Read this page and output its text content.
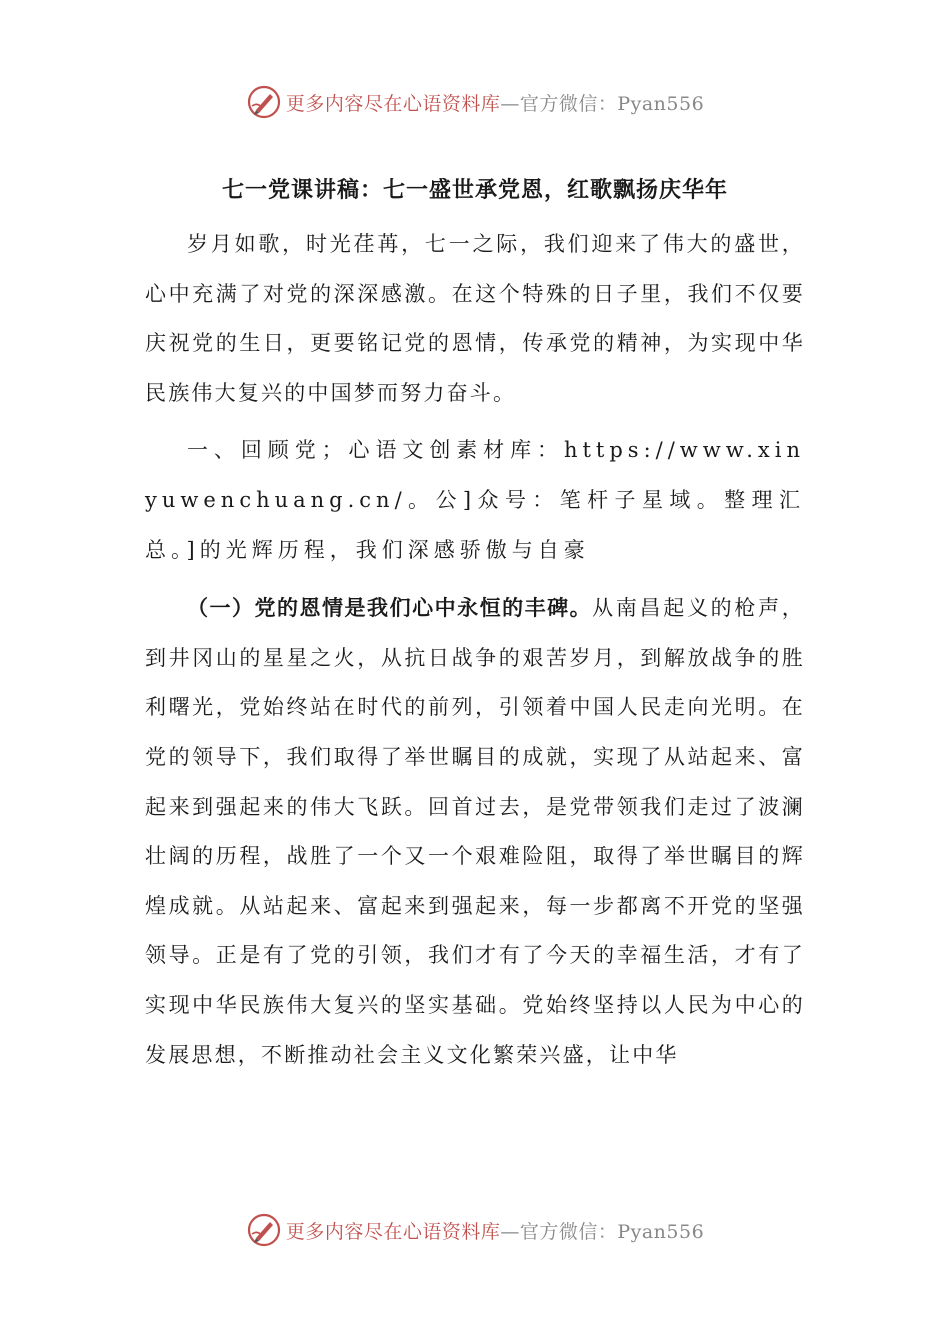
更多内容尽在心语资料库—官方微信：Pyan556
七一党课讲稿：七一盛世承党恩，红歌飘扬庆华年

岁月如歌，时光荏苒，七一之际，我们迎来了伟大的盛世，心中充满了对党的深深感激。在这个特殊的日子里，我们不仅要庆祝党的生日，更要铭记党的恩情，传承党的精神，为实现中华民族伟大复兴的中国梦而努力奋斗。

一、回顾党；心语文创素材库：https://www.xinyuwenchuang.cn/。公]众号：笔杆子星域。整理汇总。]的光辉历程，我们深感骄傲与自豪

（一）党的恩情是我们心中永恒的丰碑。从南昌起义的枪声，到井冈山的星星之火，从抗日战争的艰苦岁月，到解放战争的胜利曙光，党始终站在时代的前列，引领着中国人民走向光明。在党的领导下，我们取得了举世瞩目的成就，实现了从站起来、富起来到强起来的伟大飞跃。回首过去，是党带领我们走过了波澜壮阔的历程，战胜了一个又一个艰难险阻，取得了举世瞩目的辉煌成就。从站起来、富起来到强起来，每一步都离不开党的坚强领导。正是有了党的引领，我们才有了今天的幸福生活，才有了实现中华民族伟大复兴的坚实基础。党始终坚持以人民为中心的发展思想，不断推动社会主义文化繁荣兴盛，让中华

更多内容尽在心语资料库—官方微信：Pyan556
